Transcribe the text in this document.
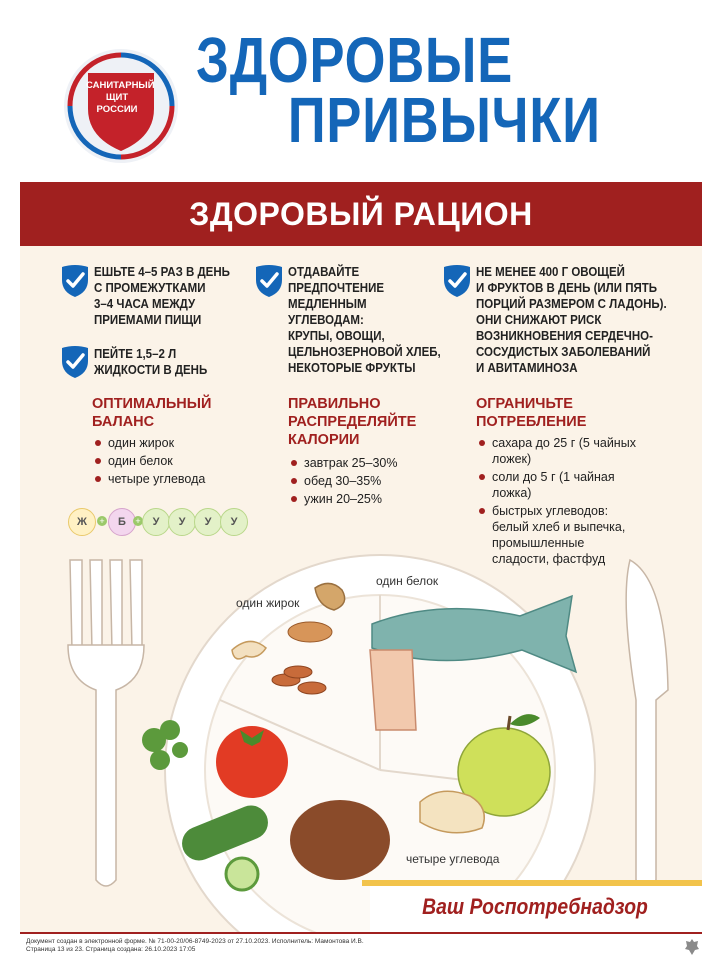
САНИТАРНЫЙ
ЩИТ
РОССИИ
ЗДОРОВЫЕ
ПРИВЫЧКИ
ЗДОРОВЫЙ РАЦИОН
ЕШЬТЕ 4–5 РАЗ В ДЕНЬ
С ПРОМЕЖУТКАМИ
3–4 ЧАСА МЕЖДУ
ПРИЕМАМИ ПИЩИ
ПЕЙТЕ 1,5–2 Л
ЖИДКОСТИ В ДЕНЬ
ОТДАВАЙТЕ
ПРЕДПОЧТЕНИЕ
МЕДЛЕННЫМ УГЛЕВОДАМ:
КРУПЫ, ОВОЩИ,
ЦЕЛЬНОЗЕРНОВОЙ ХЛЕБ,
НЕКОТОРЫЕ ФРУКТЫ
НЕ МЕНЕЕ 400 Г ОВОЩЕЙ
И ФРУКТОВ В ДЕНЬ (ИЛИ ПЯТЬ
ПОРЦИЙ РАЗМЕРОМ С ЛАДОНЬ).
ОНИ СНИЖАЮТ РИСК
ВОЗНИКНОВЕНИЯ СЕРДЕЧНО-
СОСУДИСТЫХ ЗАБОЛЕВАНИЙ
И АВИТАМИНОЗА
ОПТИМАЛЬНЫЙ
БАЛАНС
один жирок
один белок
четыре углевода
Ж	+	Б	+	У	У	У	У
ПРАВИЛЬНО
РАСПРЕДЕЛЯЙТЕ
КАЛОРИИ
завтрак 25–30%
обед 30–35%
ужин 20–25%
ОГРАНИЧЬТЕ
ПОТРЕБЛЕНИЕ
сахара до 25 г (5 чайных
ложек)
соли до 5 г (1 чайная
ложка)
быстрых углеводов:
белый хлеб и выпечка,
промышленные
сладости, фастфуд
один жирок
один белок
четыре углевода
Ваш Роспотребнадзор
Документ создан в электронной форме. № 71-00-20/06-8749-2023 от 27.10.2023. Исполнитель: Мамонтова И.В.
Страница 13 из 23. Страница создана: 26.10.2023 17:05
